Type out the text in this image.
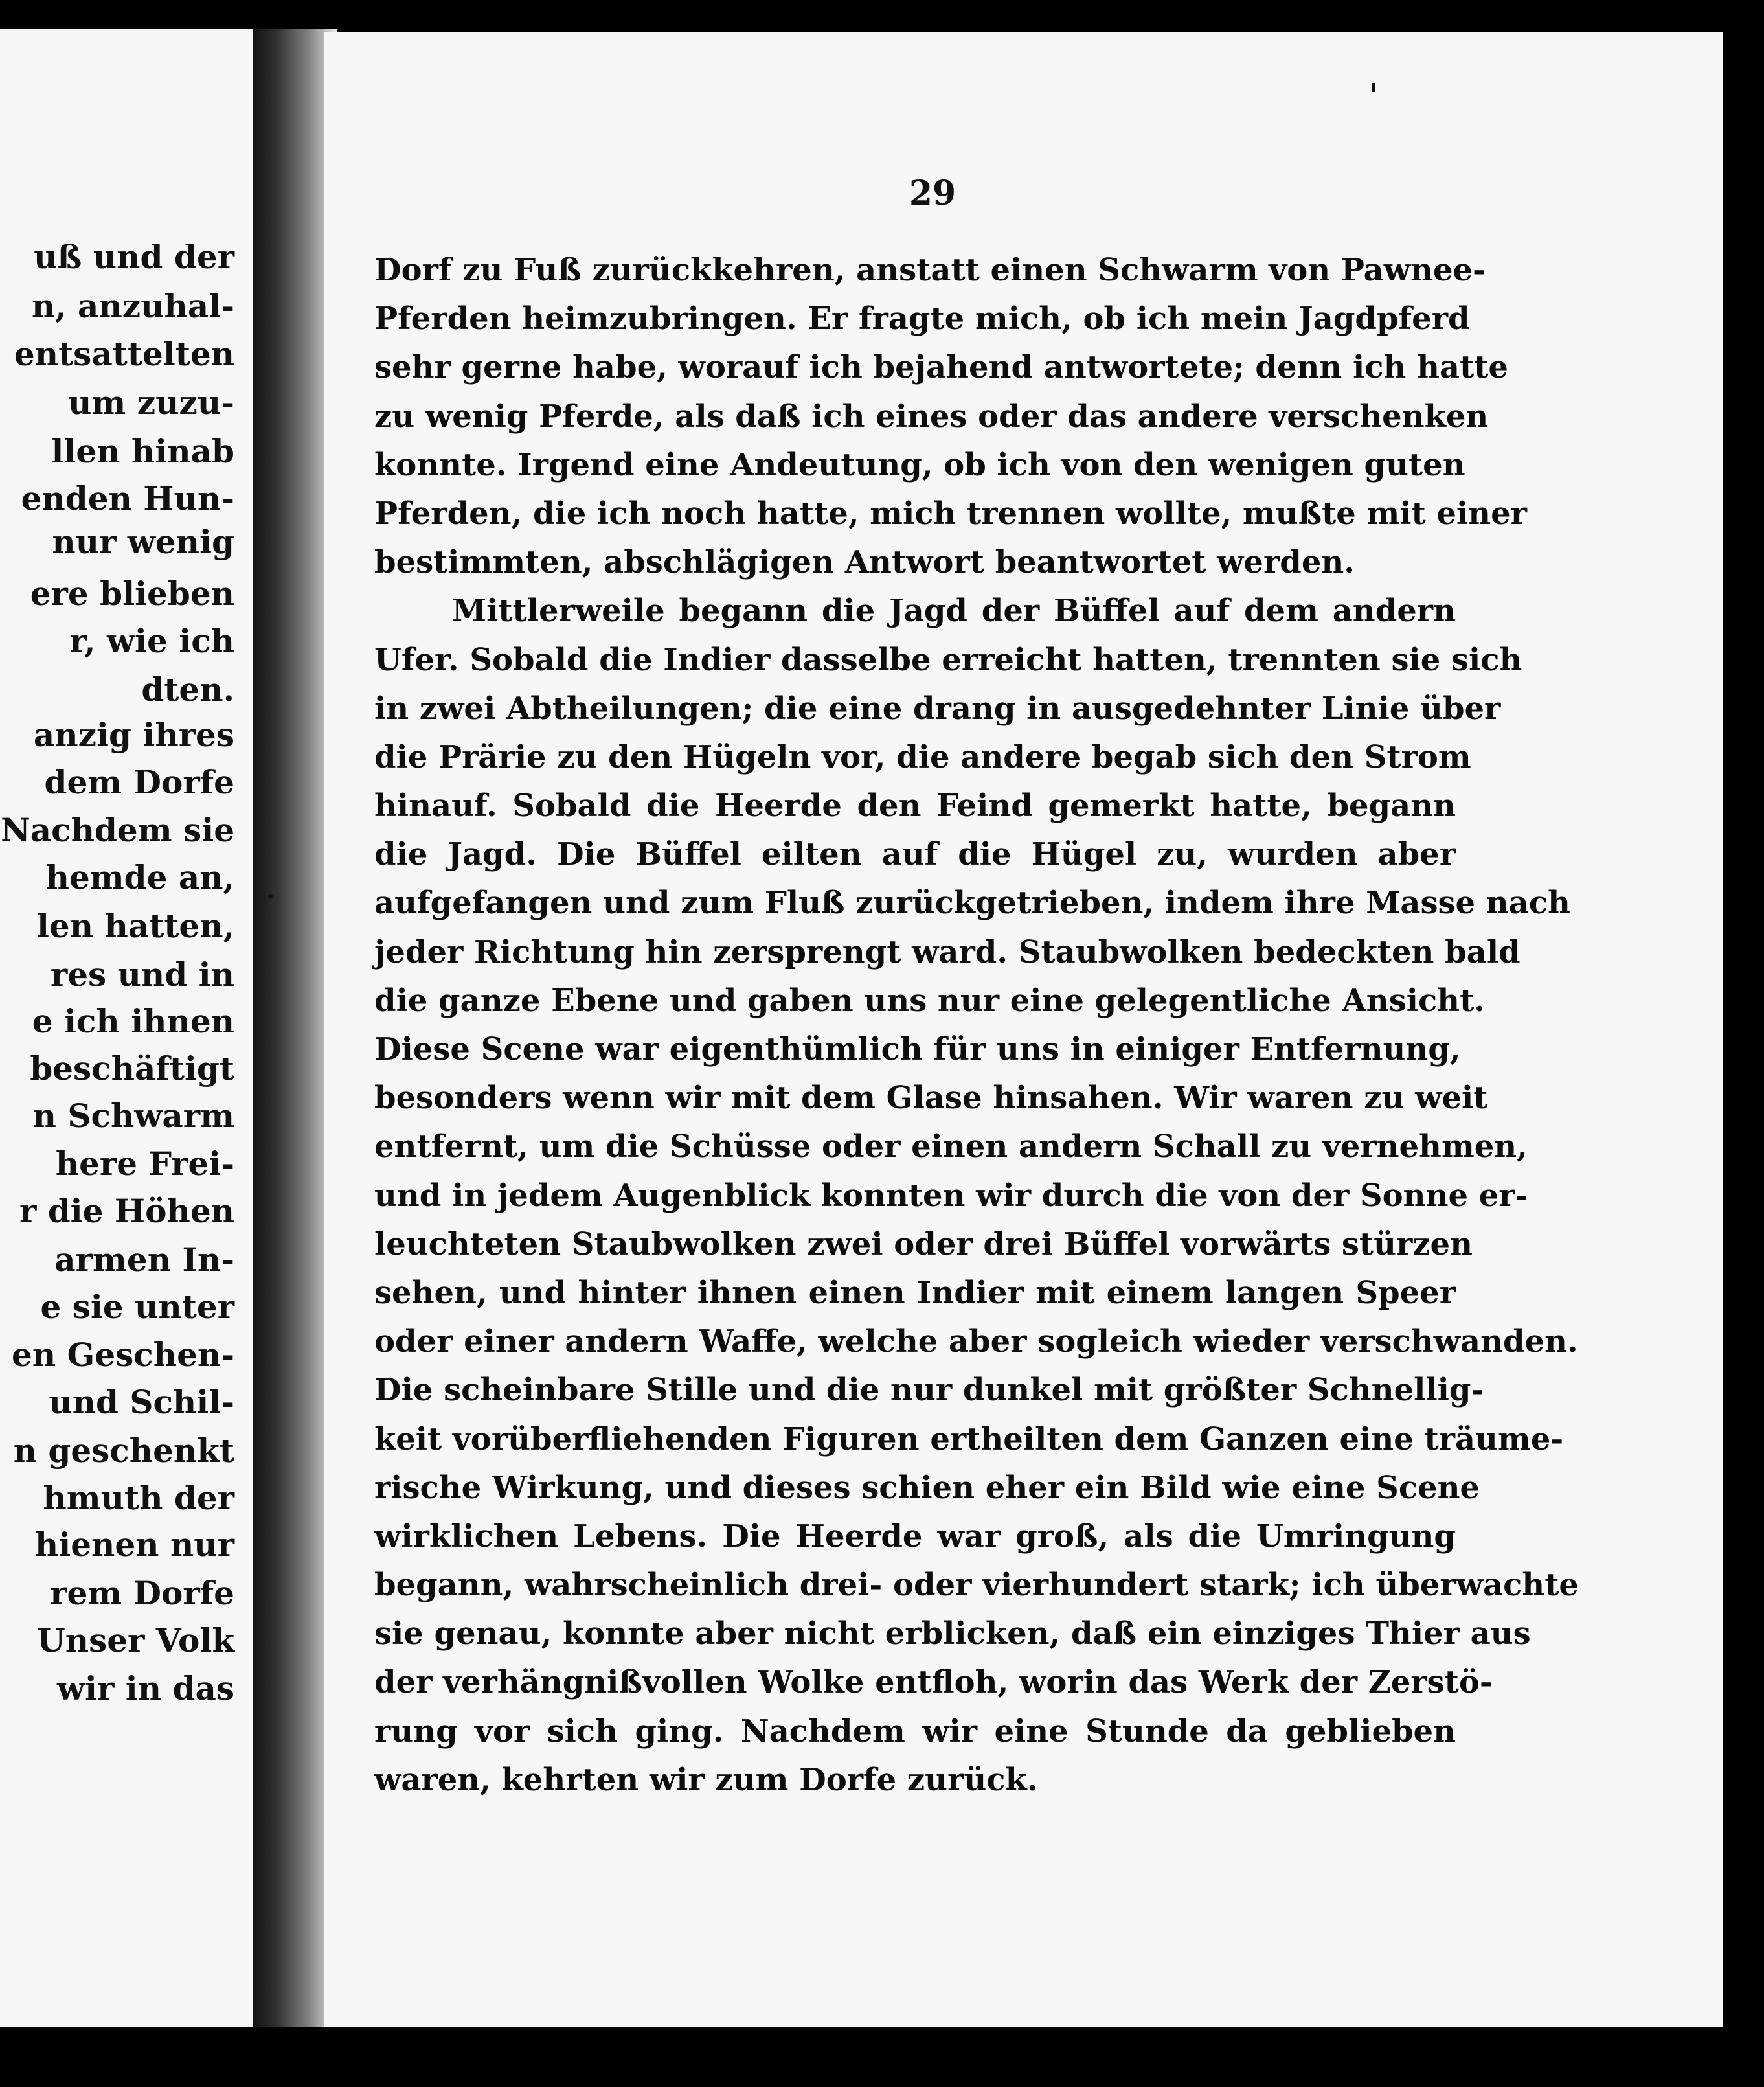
uß und der
n, anzuhal-
entsattelten
um zuzu-
llen hinab
enden Hun-
nur wenig
ere blieben
r, wie ich
dten.
anzig ihres
dem Dorfe
Nachdem sie
hemde an,
len hatten,
res und in
e ich ihnen
beschäftigt
n Schwarm
here Frei-
r die Höhen
armen In-
e sie unter
en Geschen-
und Schil-
n geschenkt
hmuth der
hienen nur
rem Dorfe
Unser Volk
wir in das
29
Dorf zu Fuß zurückkehren, anstatt einen Schwarm von Pawnee-
Pferden heimzubringen. Er fragte mich, ob ich mein Jagdpferd
sehr gerne habe, worauf ich bejahend antwortete; denn ich hatte
zu wenig Pferde, als daß ich eines oder das andere verschenken
konnte. Irgend eine Andeutung, ob ich von den wenigen guten
Pferden, die ich noch hatte, mich trennen wollte, mußte mit einer
bestimmten, abschlägigen Antwort beantwortet werden.
Mittlerweile begann die Jagd der Büffel auf dem andern
Ufer. Sobald die Indier dasselbe erreicht hatten, trennten sie sich
in zwei Abtheilungen; die eine drang in ausgedehnter Linie über
die Prärie zu den Hügeln vor, die andere begab sich den Strom
hinauf. Sobald die Heerde den Feind gemerkt hatte, begann
die Jagd. Die Büffel eilten auf die Hügel zu, wurden aber
aufgefangen und zum Fluß zurückgetrieben, indem ihre Masse nach
jeder Richtung hin zersprengt ward. Staubwolken bedeckten bald
die ganze Ebene und gaben uns nur eine gelegentliche Ansicht.
Diese Scene war eigenthümlich für uns in einiger Entfernung,
besonders wenn wir mit dem Glase hinsahen. Wir waren zu weit
entfernt, um die Schüsse oder einen andern Schall zu vernehmen,
und in jedem Augenblick konnten wir durch die von der Sonne er-
leuchteten Staubwolken zwei oder drei Büffel vorwärts stürzen
sehen, und hinter ihnen einen Indier mit einem langen Speer
oder einer andern Waffe, welche aber sogleich wieder verschwanden.
Die scheinbare Stille und die nur dunkel mit größter Schnellig-
keit vorüberfliehenden Figuren ertheilten dem Ganzen eine träume-
rische Wirkung, und dieses schien eher ein Bild wie eine Scene
wirklichen Lebens. Die Heerde war groß, als die Umringung
begann, wahrscheinlich drei- oder vierhundert stark; ich überwachte
sie genau, konnte aber nicht erblicken, daß ein einziges Thier aus
der verhängnißvollen Wolke entfloh, worin das Werk der Zerstö-
rung vor sich ging. Nachdem wir eine Stunde da geblieben
waren, kehrten wir zum Dorfe zurück.
